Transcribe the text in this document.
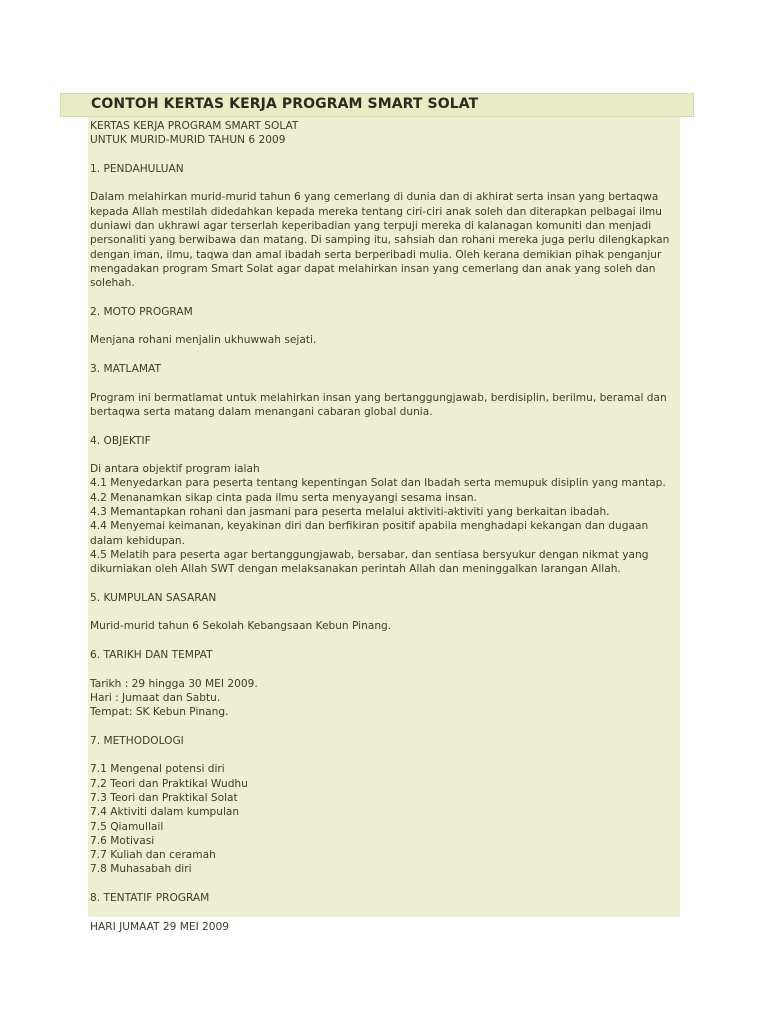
CONTOH KERTAS KERJA PROGRAM SMART SOLAT

KERTAS KERJA PROGRAM SMART SOLAT
UNTUK MURID-MURID TAHUN 6 2009

1. PENDAHULUAN

Dalam melahirkan murid-murid tahun 6 yang cemerlang di dunia dan di akhirat serta insan yang bertaqwa
kepada Allah mestilah didedahkan kepada mereka tentang ciri-ciri anak soleh dan diterapkan pelbagai ilmu
duniawi dan ukhrawi agar terserlah keperibadian yang terpuji mereka di kalanagan komuniti dan menjadi
personaliti yang berwibawa dan matang. Di samping itu, sahsiah dan rohani mereka juga perlu dilengkapkan
dengan iman, ilmu, taqwa dan amal ibadah serta berperibadi mulia. Oleh kerana demikian pihak penganjur
mengadakan program Smart Solat agar dapat melahirkan insan yang cemerlang dan anak yang soleh dan
solehah.

2. MOTO PROGRAM

Menjana rohani menjalin ukhuwwah sejati.

3. MATLAMAT

Program ini bermatlamat untuk melahirkan insan yang bertanggungjawab, berdisiplin, berilmu, beramal dan
bertaqwa serta matang dalam menangani cabaran global dunia.

4. OBJEKTIF

Di antara objektif program ialah
4.1 Menyedarkan para peserta tentang kepentingan Solat dan Ibadah serta memupuk disiplin yang mantap.
4.2 Menanamkan sikap cinta pada ilmu serta menyayangi sesama insan.
4.3 Memantapkan rohani dan jasmani para peserta melalui aktiviti-aktiviti yang berkaitan ibadah.
4.4 Menyemai keimanan, keyakinan diri dan berfikiran positif apabila menghadapi kekangan dan dugaan
dalam kehidupan.
4.5 Melatih para peserta agar bertanggungjawab, bersabar, dan sentiasa bersyukur dengan nikmat yang
dikurniakan oleh Allah SWT dengan melaksanakan perintah Allah dan meninggalkan larangan Allah.

5. KUMPULAN SASARAN

Murid-murid tahun 6 Sekolah Kebangsaan Kebun Pinang.

6. TARIKH DAN TEMPAT

Tarikh : 29 hingga 30 MEI 2009.
Hari : Jumaat dan Sabtu.
Tempat: SK Kebun Pinang.

7. METHODOLOGI

7.1 Mengenal potensi diri
7.2 Teori dan Praktikal Wudhu
7.3 Teori dan Praktikal Solat
7.4 Aktiviti dalam kumpulan
7.5 Qiamullail
7.6 Motivasi
7.7 Kuliah dan ceramah
7.8 Muhasabah diri

8. TENTATIF PROGRAM

HARI JUMAAT 29 MEI 2009
